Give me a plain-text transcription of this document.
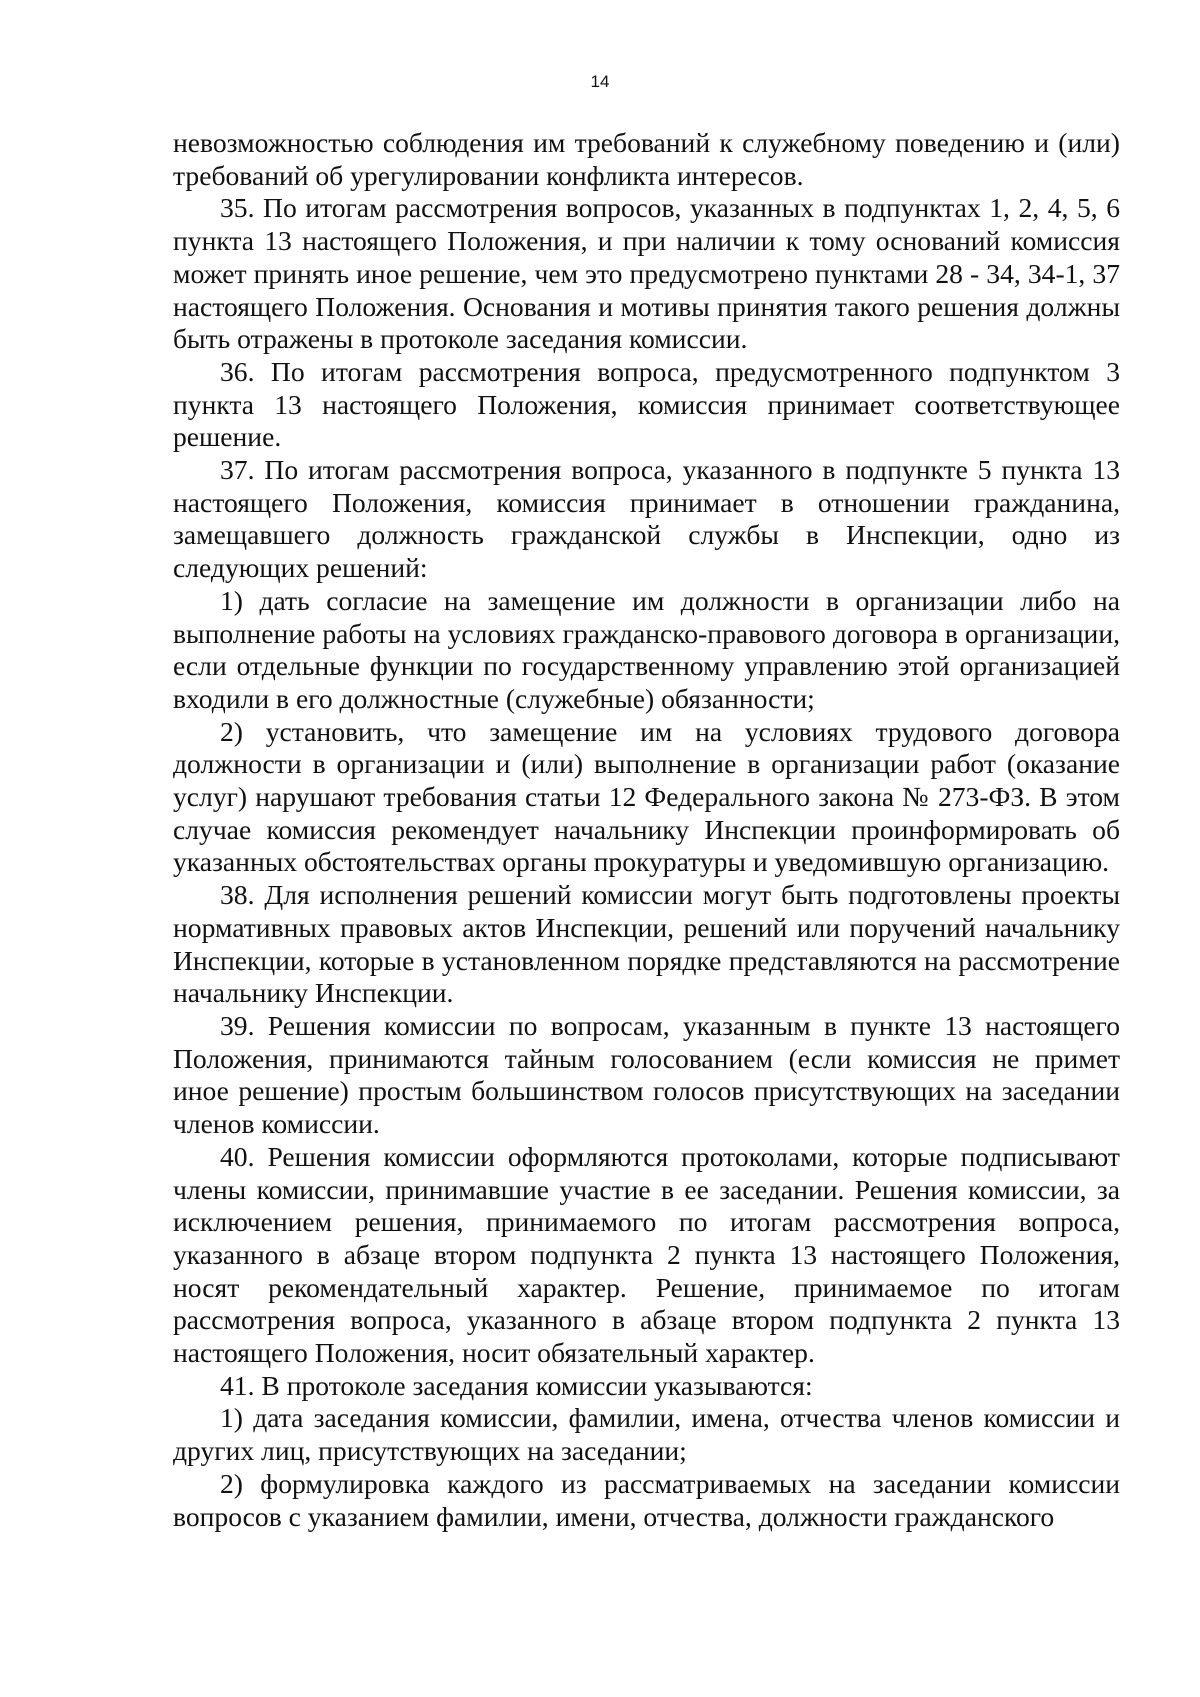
14

невозможностью соблюдения им требований к служебному поведению и (или) требований об урегулировании конфликта интересов.

35. По итогам рассмотрения вопросов, указанных в подпунктах 1, 2, 4, 5, 6 пункта 13 настоящего Положения, и при наличии к тому оснований комиссия может принять иное решение, чем это предусмотрено пунктами 28 - 34, 34-1, 37 настоящего Положения. Основания и мотивы принятия такого решения должны быть отражены в протоколе заседания комиссии.

36. По итогам рассмотрения вопроса, предусмотренного подпунктом 3 пункта 13 настоящего Положения, комиссия принимает соответствующее решение.

37. По итогам рассмотрения вопроса, указанного в подпункте 5 пункта 13 настоящего Положения, комиссия принимает в отношении гражданина, замещавшего должность гражданской службы в Инспекции, одно из следующих решений:

1) дать согласие на замещение им должности в организации либо на выполнение работы на условиях гражданско-правового договора в организации, если отдельные функции по государственному управлению этой организацией входили в его должностные (служебные) обязанности;

2) установить, что замещение им на условиях трудового договора должности в организации и (или) выполнение в организации работ (оказание услуг) нарушают требования статьи 12 Федерального закона № 273-ФЗ. В этом случае комиссия рекомендует начальнику Инспекции проинформировать об указанных обстоятельствах органы прокуратуры и уведомившую организацию.

38. Для исполнения решений комиссии могут быть подготовлены проекты нормативных правовых актов Инспекции, решений или поручений начальнику Инспекции, которые в установленном порядке представляются на рассмотрение начальнику Инспекции.

39. Решения комиссии по вопросам, указанным в пункте 13 настоящего Положения, принимаются тайным голосованием (если комиссия не примет иное решение) простым большинством голосов присутствующих на заседании членов комиссии.

40. Решения комиссии оформляются протоколами, которые подписывают члены комиссии, принимавшие участие в ее заседании. Решения комиссии, за исключением решения, принимаемого по итогам рассмотрения вопроса, указанного в абзаце втором подпункта 2 пункта 13 настоящего Положения, носят рекомендательный характер. Решение, принимаемое по итогам рассмотрения вопроса, указанного в абзаце втором подпункта 2 пункта 13 настоящего Положения, носит обязательный характер.

41. В протоколе заседания комиссии указываются:

1) дата заседания комиссии, фамилии, имена, отчества членов комиссии и других лиц, присутствующих на заседании;

2) формулировка каждого из рассматриваемых на заседании комиссии вопросов с указанием фамилии, имени, отчества, должности гражданского
